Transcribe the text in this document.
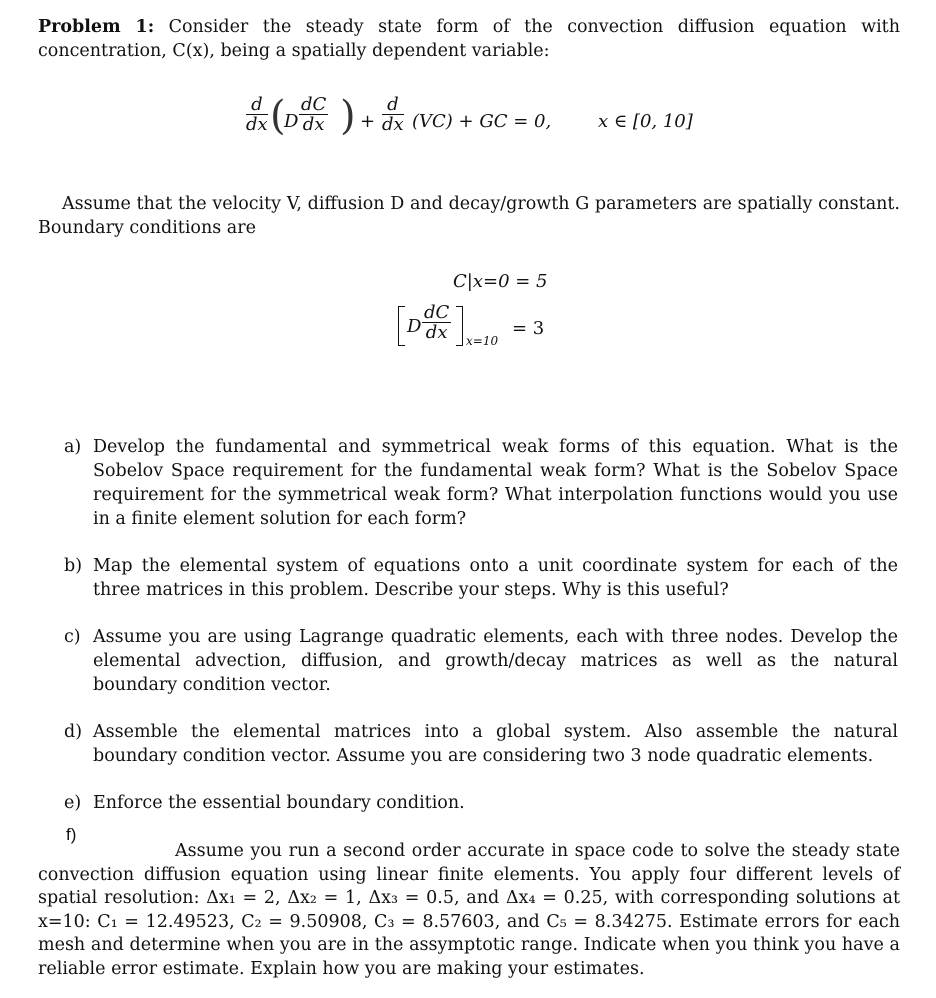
Problem 1: Consider the steady state form of the convection diffusion equation with concentration, C(x), being a spatially dependent variable:
$\frac{d}{dx}$ (
D $\frac{dC}{dx}$ ) + $\frac{d}{dx} (VC)$ + GC = 0,	x ∈ [0, 10]
Assume that the velocity V, diffusion D and decay/growth G parameters are spatially constant. Boundary conditions are
C|x=0 = 5
D $\frac{dC}{dx} x=10$
= 3
a) Develop the fundamental and symmetrical weak forms of this equation. What is the Sobelov Space requirement for the fundamental weak form? What is the Sobelov Space requirement for the symmetrical weak form? What interpolation functions would you use in a finite element solution for each form?
b) Map the elemental system of equations onto a unit coordinate system for each of the three matrices in this problem. Describe your steps. Why is this useful?
c) Assume you are using Lagrange quadratic elements, each with three nodes. Develop the elemental advection, diffusion, and growth/decay matrices as well as the natural boundary condition vector.
d) Assemble the elemental matrices into a global system. Also assemble the natural boundary condition vector. Assume you are considering two 3 node quadratic elements.
e) Enforce the essential boundary condition.
f)
Assume you run a second order accurate in space code to solve the steady state convection diffusion equation using linear finite elements. You apply four different levels of spatial resolution: Δx₁ = 2, Δx₂ = 1, Δx₃ = 0.5, and Δx₄ = 0.25, with corresponding solutions at x=10: C₁ = 12.49523, C₂ = 9.50908, C₃ = 8.57603, and C₅ = 8.34275. Estimate errors for each mesh and determine when you are in the assymptotic range. Indicate when you think you have a reliable error estimate. Explain how you are making your estimates.
